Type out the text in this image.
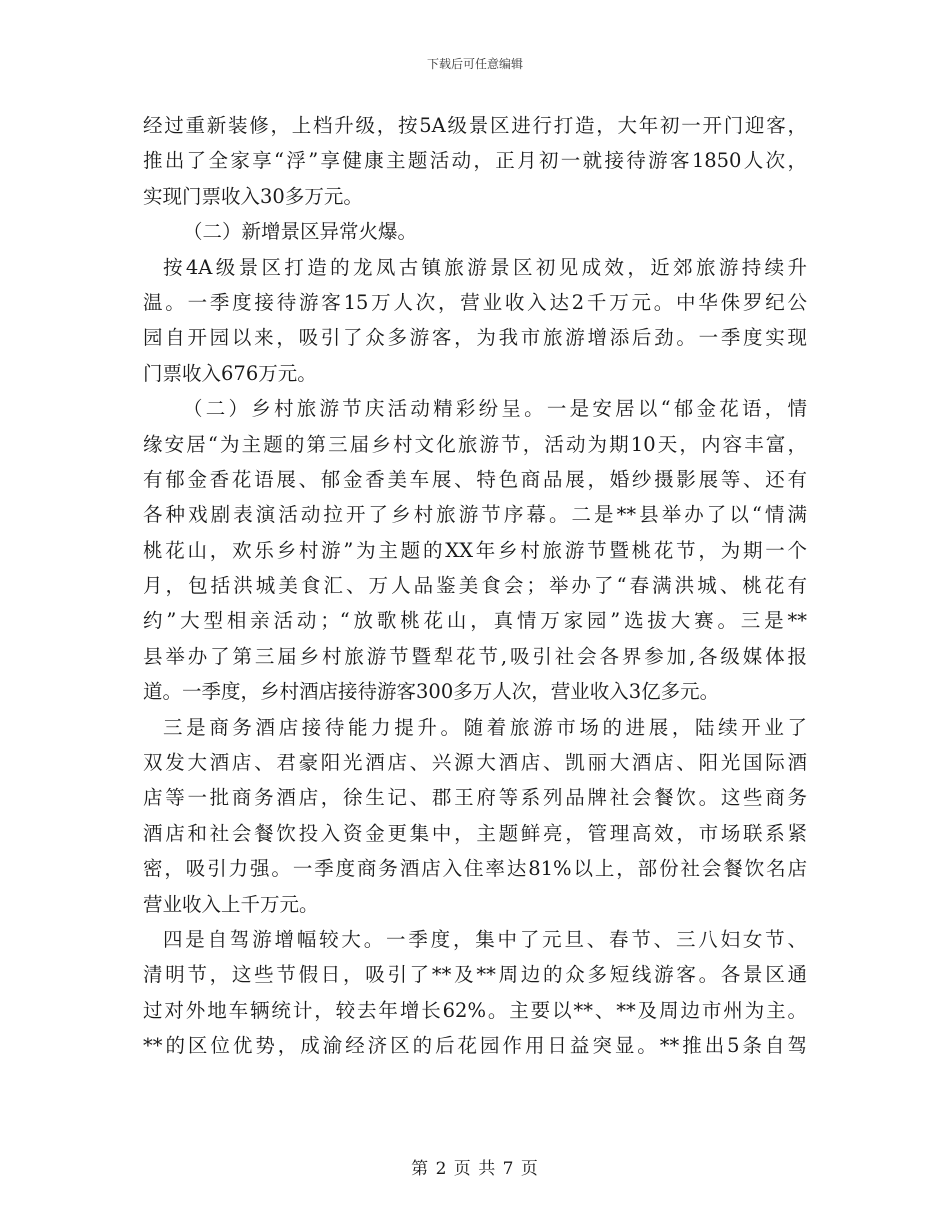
下载后可任意编辑
经过重新装修，上档升级，按5A级景区进行打造，大年初一开门迎客，
推出了全家享“浮”享健康主题活动，正月初一就接待游客1850人次，
实现门票收入30多万元。
（二）新增景区异常火爆。
按4A级景区打造的龙凤古镇旅游景区初见成效，近郊旅游持续升
温。一季度接待游客15万人次，营业收入达2千万元。中华侏罗纪公
园自开园以来，吸引了众多游客，为我市旅游增添后劲。一季度实现
门票收入676万元。
（二）乡村旅游节庆活动精彩纷呈。一是安居以“郁金花语，情
缘安居“为主题的第三届乡村文化旅游节，活动为期10天，内容丰富，
有郁金香花语展、郁金香美车展、特色商品展，婚纱摄影展等、还有
各种戏剧表演活动拉开了乡村旅游节序幕。二是**县举办了以“情满
桃花山，欢乐乡村游”为主题的XX年乡村旅游节暨桃花节，为期一个
月，包括洪城美食汇、万人品鉴美食会；举办了“春满洪城、桃花有
约”大型相亲活动；“放歌桃花山，真情万家园”选拔大赛。三是**
县举办了第三届乡村旅游节暨犁花节,吸引社会各界参加,各级媒体报
道。一季度，乡村酒店接待游客300多万人次，营业收入3亿多元。
三是商务酒店接待能力提升。随着旅游市场的进展，陆续开业了
双发大酒店、君豪阳光酒店、兴源大酒店、凯丽大酒店、阳光国际酒
店等一批商务酒店，徐生记、郡王府等系列品牌社会餐饮。这些商务
酒店和社会餐饮投入资金更集中，主题鲜亮，管理高效，市场联系紧
密，吸引力强。一季度商务酒店入住率达81%以上，部份社会餐饮名店
营业收入上千万元。
四是自驾游增幅较大。一季度，集中了元旦、春节、三八妇女节、
清明节，这些节假日，吸引了**及**周边的众多短线游客。各景区通
过对外地车辆统计，较去年增长62%。主要以**、**及周边市州为主。
**的区位优势，成渝经济区的后花园作用日益突显。**推出5条自驾
第 2 页 共 7 页
